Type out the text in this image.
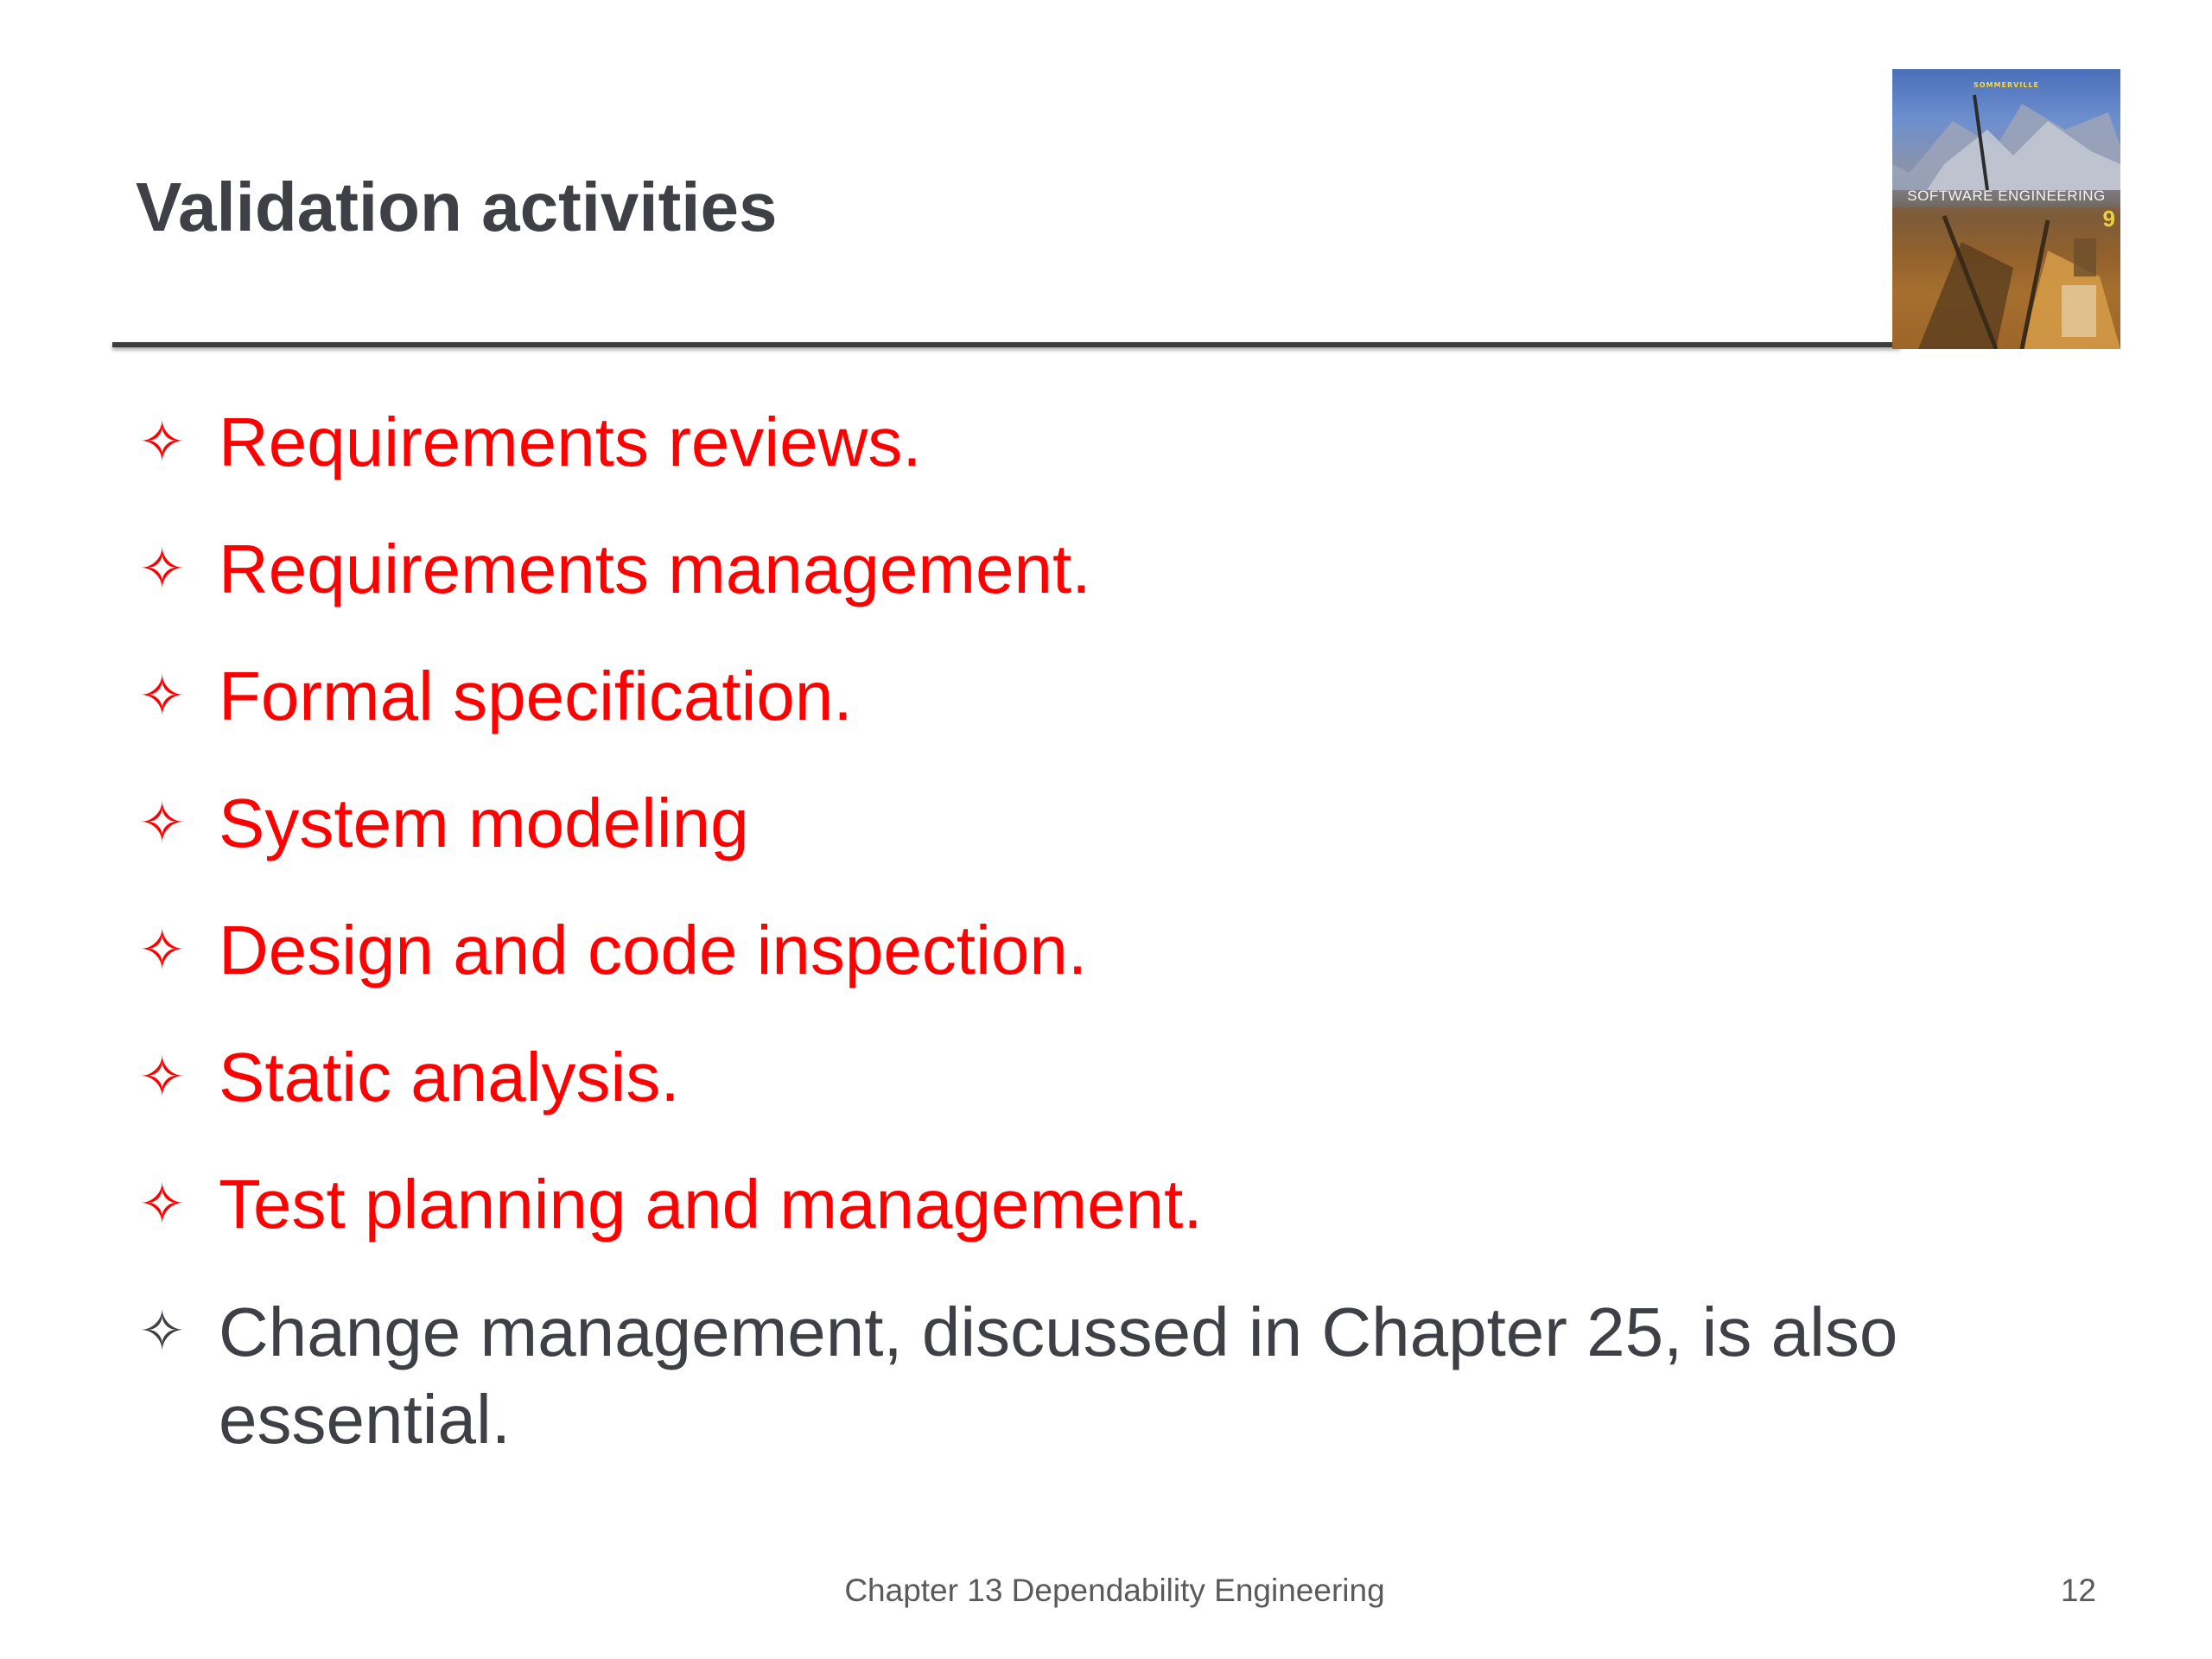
Validation activities
SOMMERVILLE
SOFTWARE ENGINEERING
9
✧ Requirements reviews.
✧ Requirements management.
✧ Formal specification.
✧ System modeling
✧ Design and code inspection.
✧ Static analysis.
✧ Test planning and management.
✧ Change management, discussed in Chapter 25, is also essential.
Chapter 13 Dependability Engineering	12
